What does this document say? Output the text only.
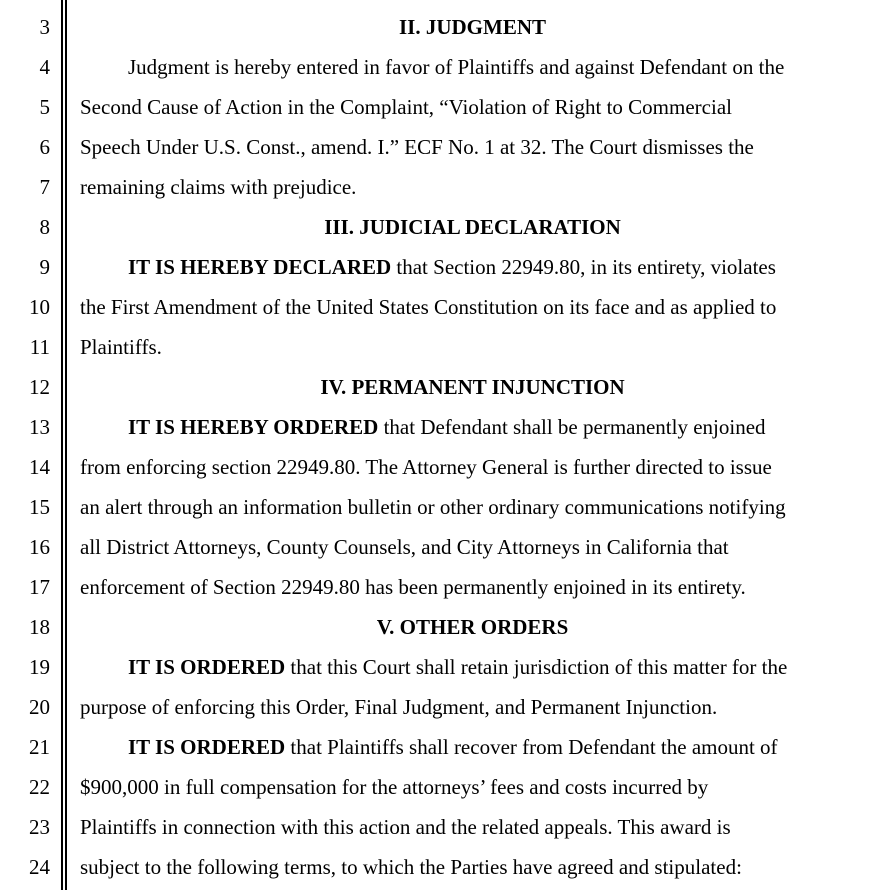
3	II. JUDGMENT
4	Judgment is hereby entered in favor of Plaintiffs and against Defendant on the
5 Second Cause of Action in the Complaint, “Violation of Right to Commercial
6 Speech Under U.S. Const., amend. I.” ECF No. 1 at 32. The Court dismisses the
7 remaining claims with prejudice.
8	III. JUDICIAL DECLARATION
9	IT IS HEREBY DECLARED that Section 22949.80, in its entirety, violates
10 the First Amendment of the United States Constitution on its face and as applied to
11 Plaintiffs.
12	IV. PERMANENT INJUNCTION
13	IT IS HEREBY ORDERED that Defendant shall be permanently enjoined
14 from enforcing section 22949.80. The Attorney General is further directed to issue
15 an alert through an information bulletin or other ordinary communications notifying
16 all District Attorneys, County Counsels, and City Attorneys in California that
17 enforcement of Section 22949.80 has been permanently enjoined in its entirety.
18	V. OTHER ORDERS
19	IT IS ORDERED that this Court shall retain jurisdiction of this matter for the
20 purpose of enforcing this Order, Final Judgment, and Permanent Injunction.
21	IT IS ORDERED that Plaintiffs shall recover from Defendant the amount of
22 $900,000 in full compensation for the attorneys’ fees and costs incurred by
23 Plaintiffs in connection with this action and the related appeals. This award is
24 subject to the following terms, to which the Parties have agreed and stipulated:
